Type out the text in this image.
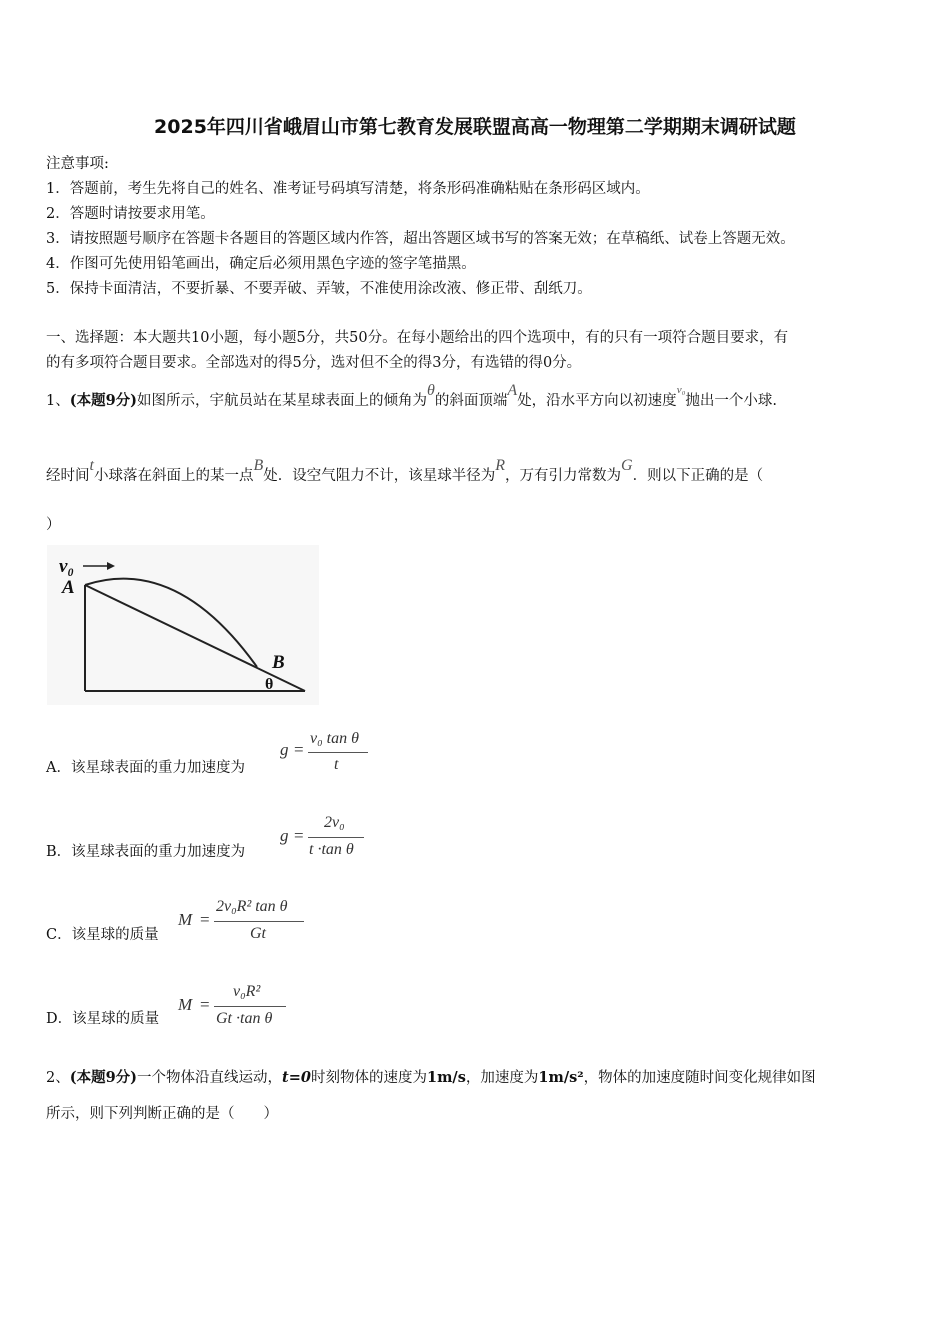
2025年四川省峨眉山市第七教育发展联盟高高一物理第二学期期末调研试题
注意事项:
1．答题前，考生先将自己的姓名、准考证号码填写清楚，将条形码准确粘贴在条形码区域内。
2．答题时请按要求用笔。
3．请按照题号顺序在答题卡各题目的答题区域内作答，超出答题区域书写的答案无效；在草稿纸、试卷上答题无效。
4．作图可先使用铅笔画出，确定后必须用黑色字迹的签字笔描黑。
5．保持卡面清洁，不要折暴、不要弄破、弄皱，不准使用涂改液、修正带、刮纸刀。
一、选择题：本大题共10小题，每小题5分，共50分。在每小题给出的四个选项中，有的只有一项符合题目要求，有
的有多项符合题目要求。全部选对的得5分，选对但不全的得3分，有选错的得0分。
1、(本题9分)如图所示，宇航员站在某星球表面上的倾角为θ的斜面顶端A处，沿水平方向以初速度$^{v_0}$抛出一个小球.
经时间t小球落在斜面上的某一点B处．设空气阻力不计，该星球半径为R，万有引力常数为G．则以下正确的是（
）
v₀
A
B
θ
A．该星球表面的重力加速度为
g =
v₀ tan θ
t
B．该星球表面的重力加速度为
g =
2v₀
t ·tan θ
C．该星球的质量
M =
2v₀R² tan θ
Gt
D．该星球的质量
M =
v₀R²
Gt ·tan θ
2、(本题9分)一个物体沿直线运动，t=0时刻物体的速度为1m/s，加速度为1m/s²，物体的加速度随时间变化规律如图
所示，则下列判断正确的是（　　）
